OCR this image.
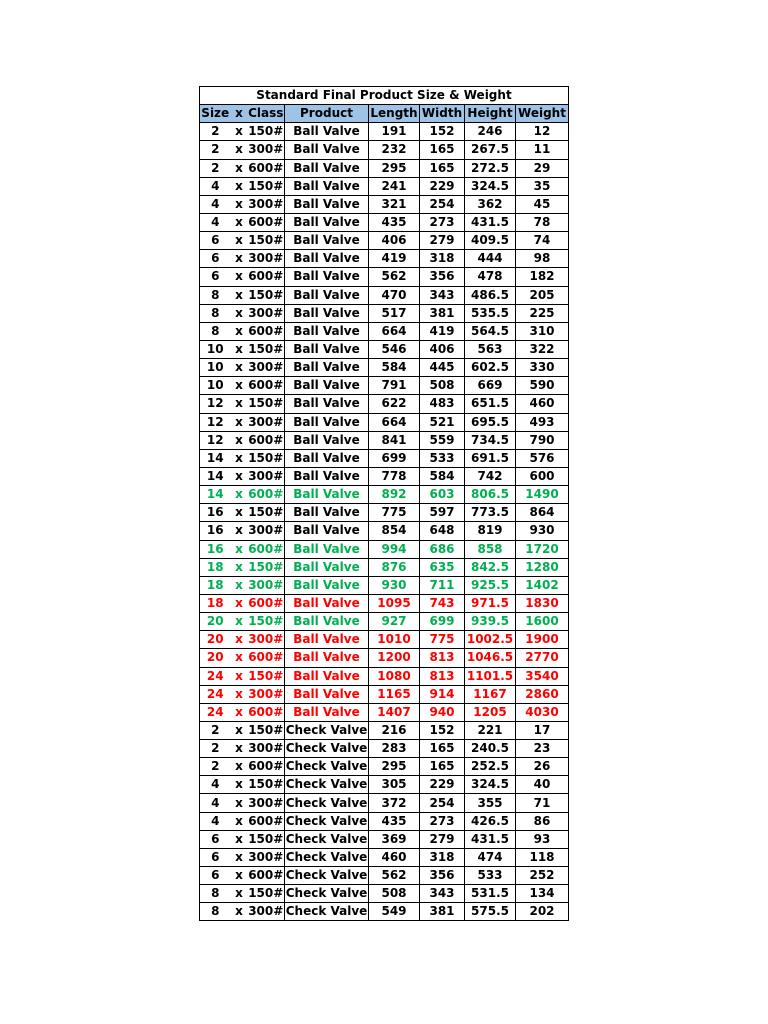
Standard Final Product Size & Weight							
Size	x	Class	Product	Length	Width	Height	Weight
2	x	150#	Ball Valve	191	152	246	12
2	x	300#	Ball Valve	232	165	267.5	11
2	x	600#	Ball Valve	295	165	272.5	29
4	x	150#	Ball Valve	241	229	324.5	35
4	x	300#	Ball Valve	321	254	362	45
4	x	600#	Ball Valve	435	273	431.5	78
6	x	150#	Ball Valve	406	279	409.5	74
6	x	300#	Ball Valve	419	318	444	98
6	x	600#	Ball Valve	562	356	478	182
8	x	150#	Ball Valve	470	343	486.5	205
8	x	300#	Ball Valve	517	381	535.5	225
8	x	600#	Ball Valve	664	419	564.5	310
10	x	150#	Ball Valve	546	406	563	322
10	x	300#	Ball Valve	584	445	602.5	330
10	x	600#	Ball Valve	791	508	669	590
12	x	150#	Ball Valve	622	483	651.5	460
12	x	300#	Ball Valve	664	521	695.5	493
12	x	600#	Ball Valve	841	559	734.5	790
14	x	150#	Ball Valve	699	533	691.5	576
14	x	300#	Ball Valve	778	584	742	600
14	x	600#	Ball Valve	892	603	806.5	1490
16	x	150#	Ball Valve	775	597	773.5	864
16	x	300#	Ball Valve	854	648	819	930
16	x	600#	Ball Valve	994	686	858	1720
18	x	150#	Ball Valve	876	635	842.5	1280
18	x	300#	Ball Valve	930	711	925.5	1402
18	x	600#	Ball Valve	1095	743	971.5	1830
20	x	150#	Ball Valve	927	699	939.5	1600
20	x	300#	Ball Valve	1010	775	1002.5	1900
20	x	600#	Ball Valve	1200	813	1046.5	2770
24	x	150#	Ball Valve	1080	813	1101.5	3540
24	x	300#	Ball Valve	1165	914	1167	2860
24	x	600#	Ball Valve	1407	940	1205	4030
2	x	150#	Check Valve	216	152	221	17
2	x	300#	Check Valve	283	165	240.5	23
2	x	600#	Check Valve	295	165	252.5	26
4	x	150#	Check Valve	305	229	324.5	40
4	x	300#	Check Valve	372	254	355	71
4	x	600#	Check Valve	435	273	426.5	86
6	x	150#	Check Valve	369	279	431.5	93
6	x	300#	Check Valve	460	318	474	118
6	x	600#	Check Valve	562	356	533	252
8	x	150#	Check Valve	508	343	531.5	134
8	x	300#	Check Valve	549	381	575.5	202
